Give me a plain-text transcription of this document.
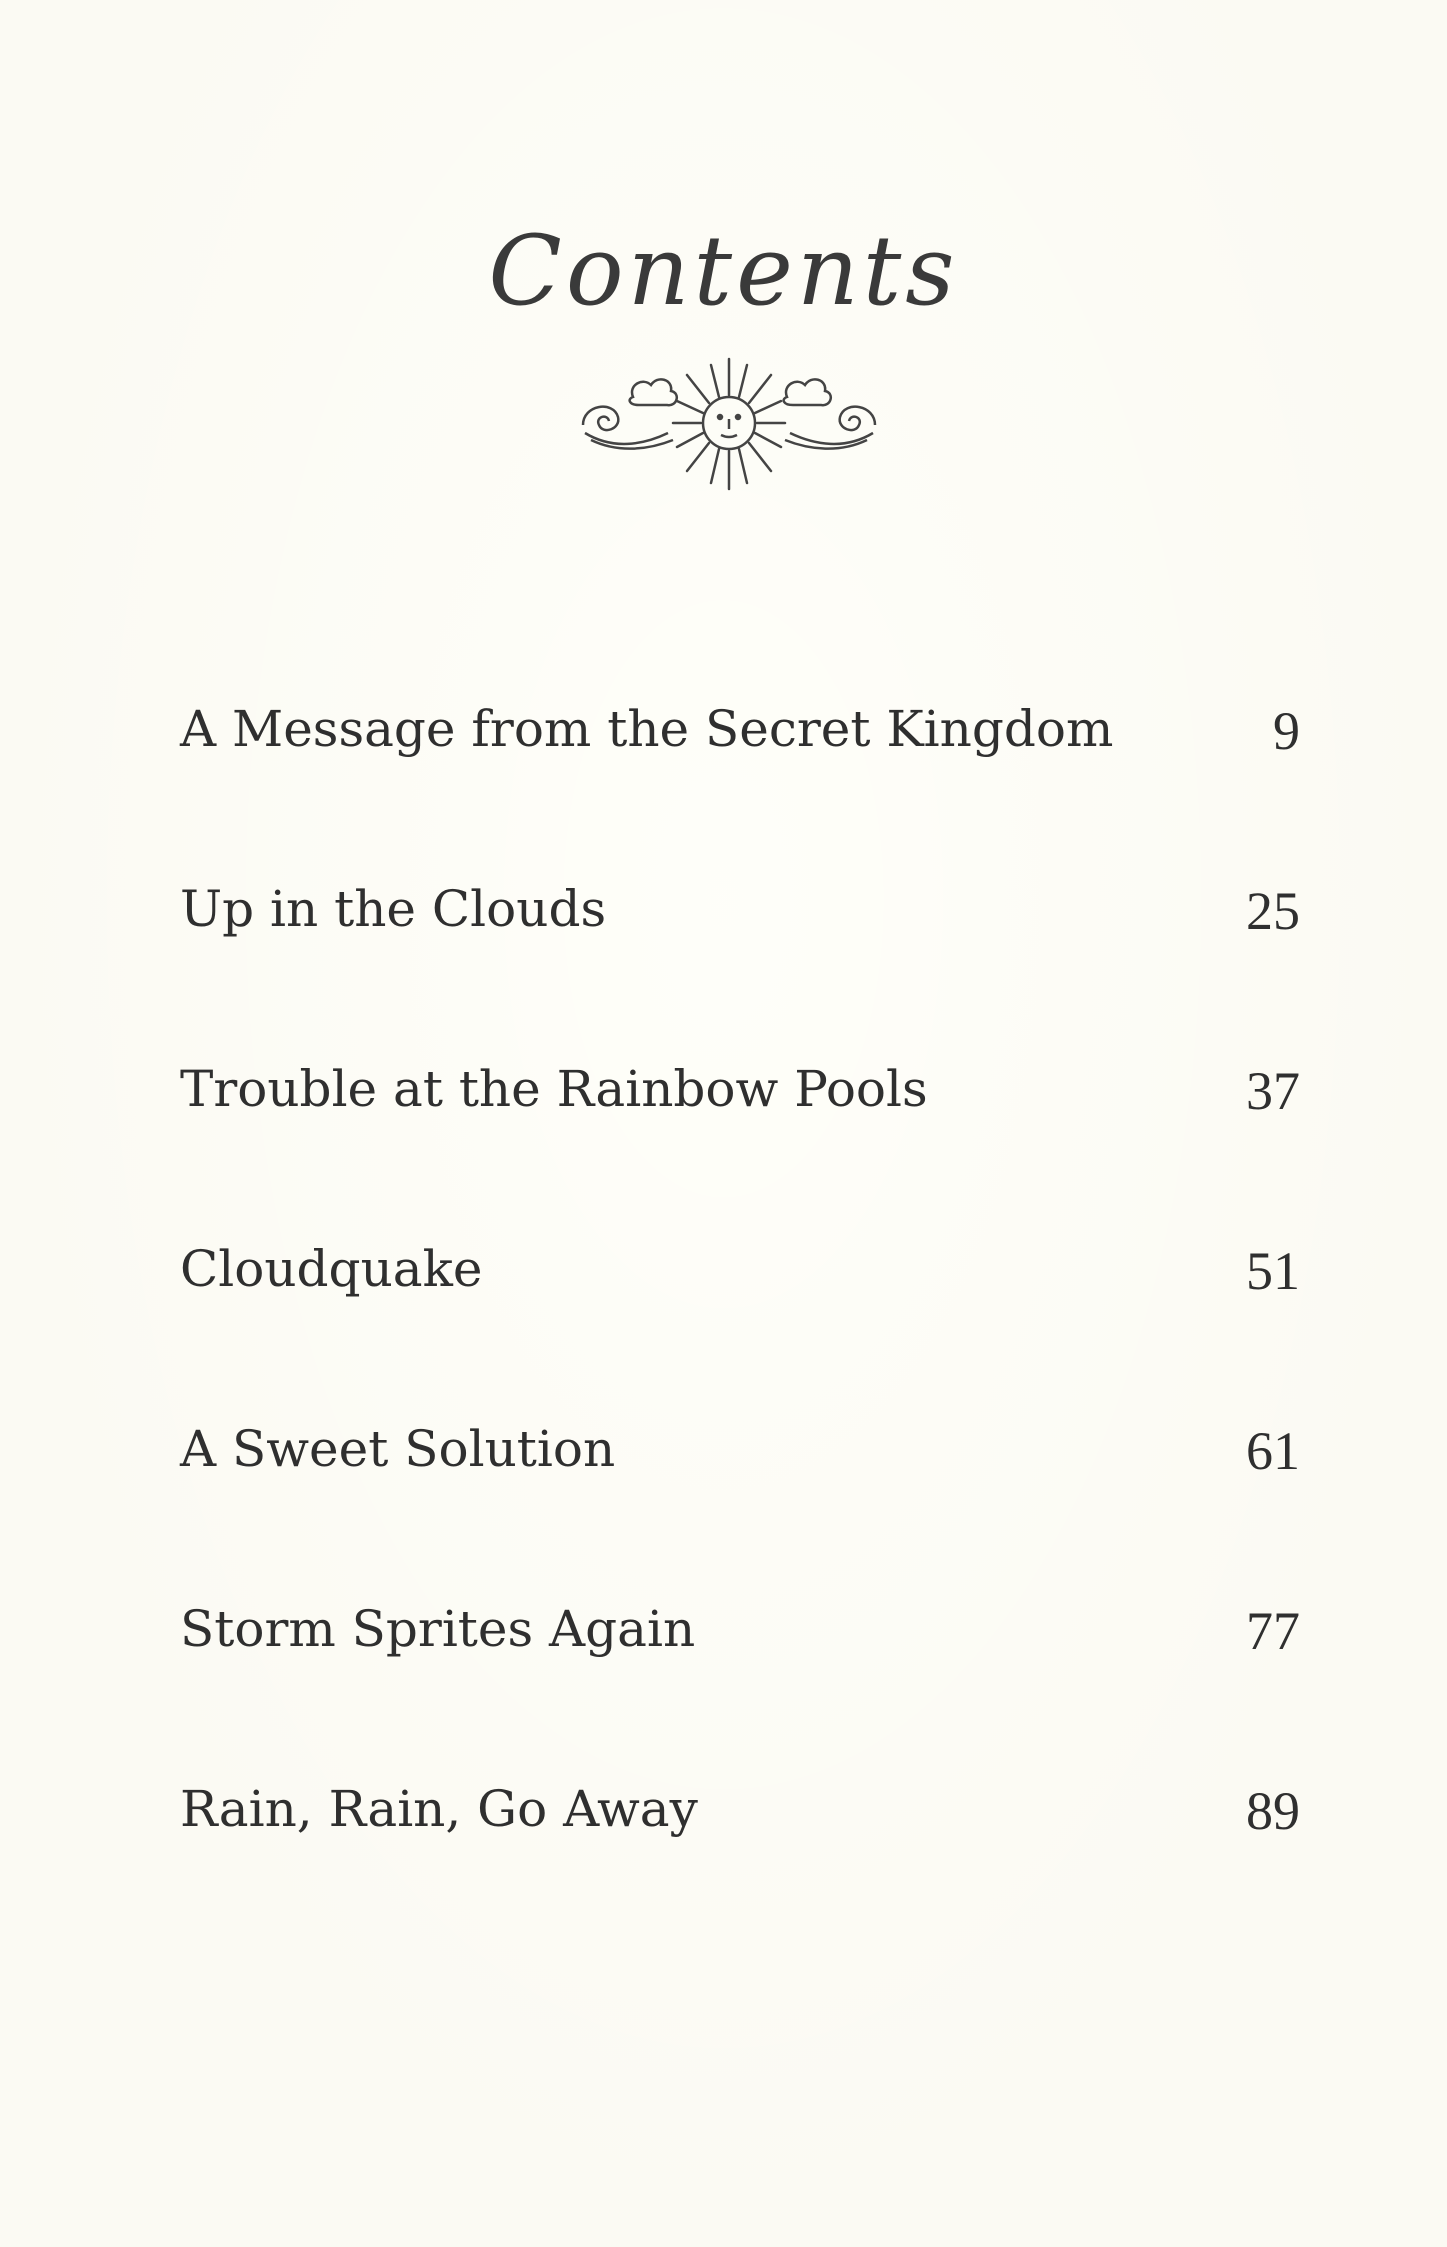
Contents
A Message from the Secret Kingdom	9
Up in the Clouds	25
Trouble at the Rainbow Pools	37
Cloudquake	51
A Sweet Solution	61
Storm Sprites Again	77
Rain, Rain, Go Away	89
